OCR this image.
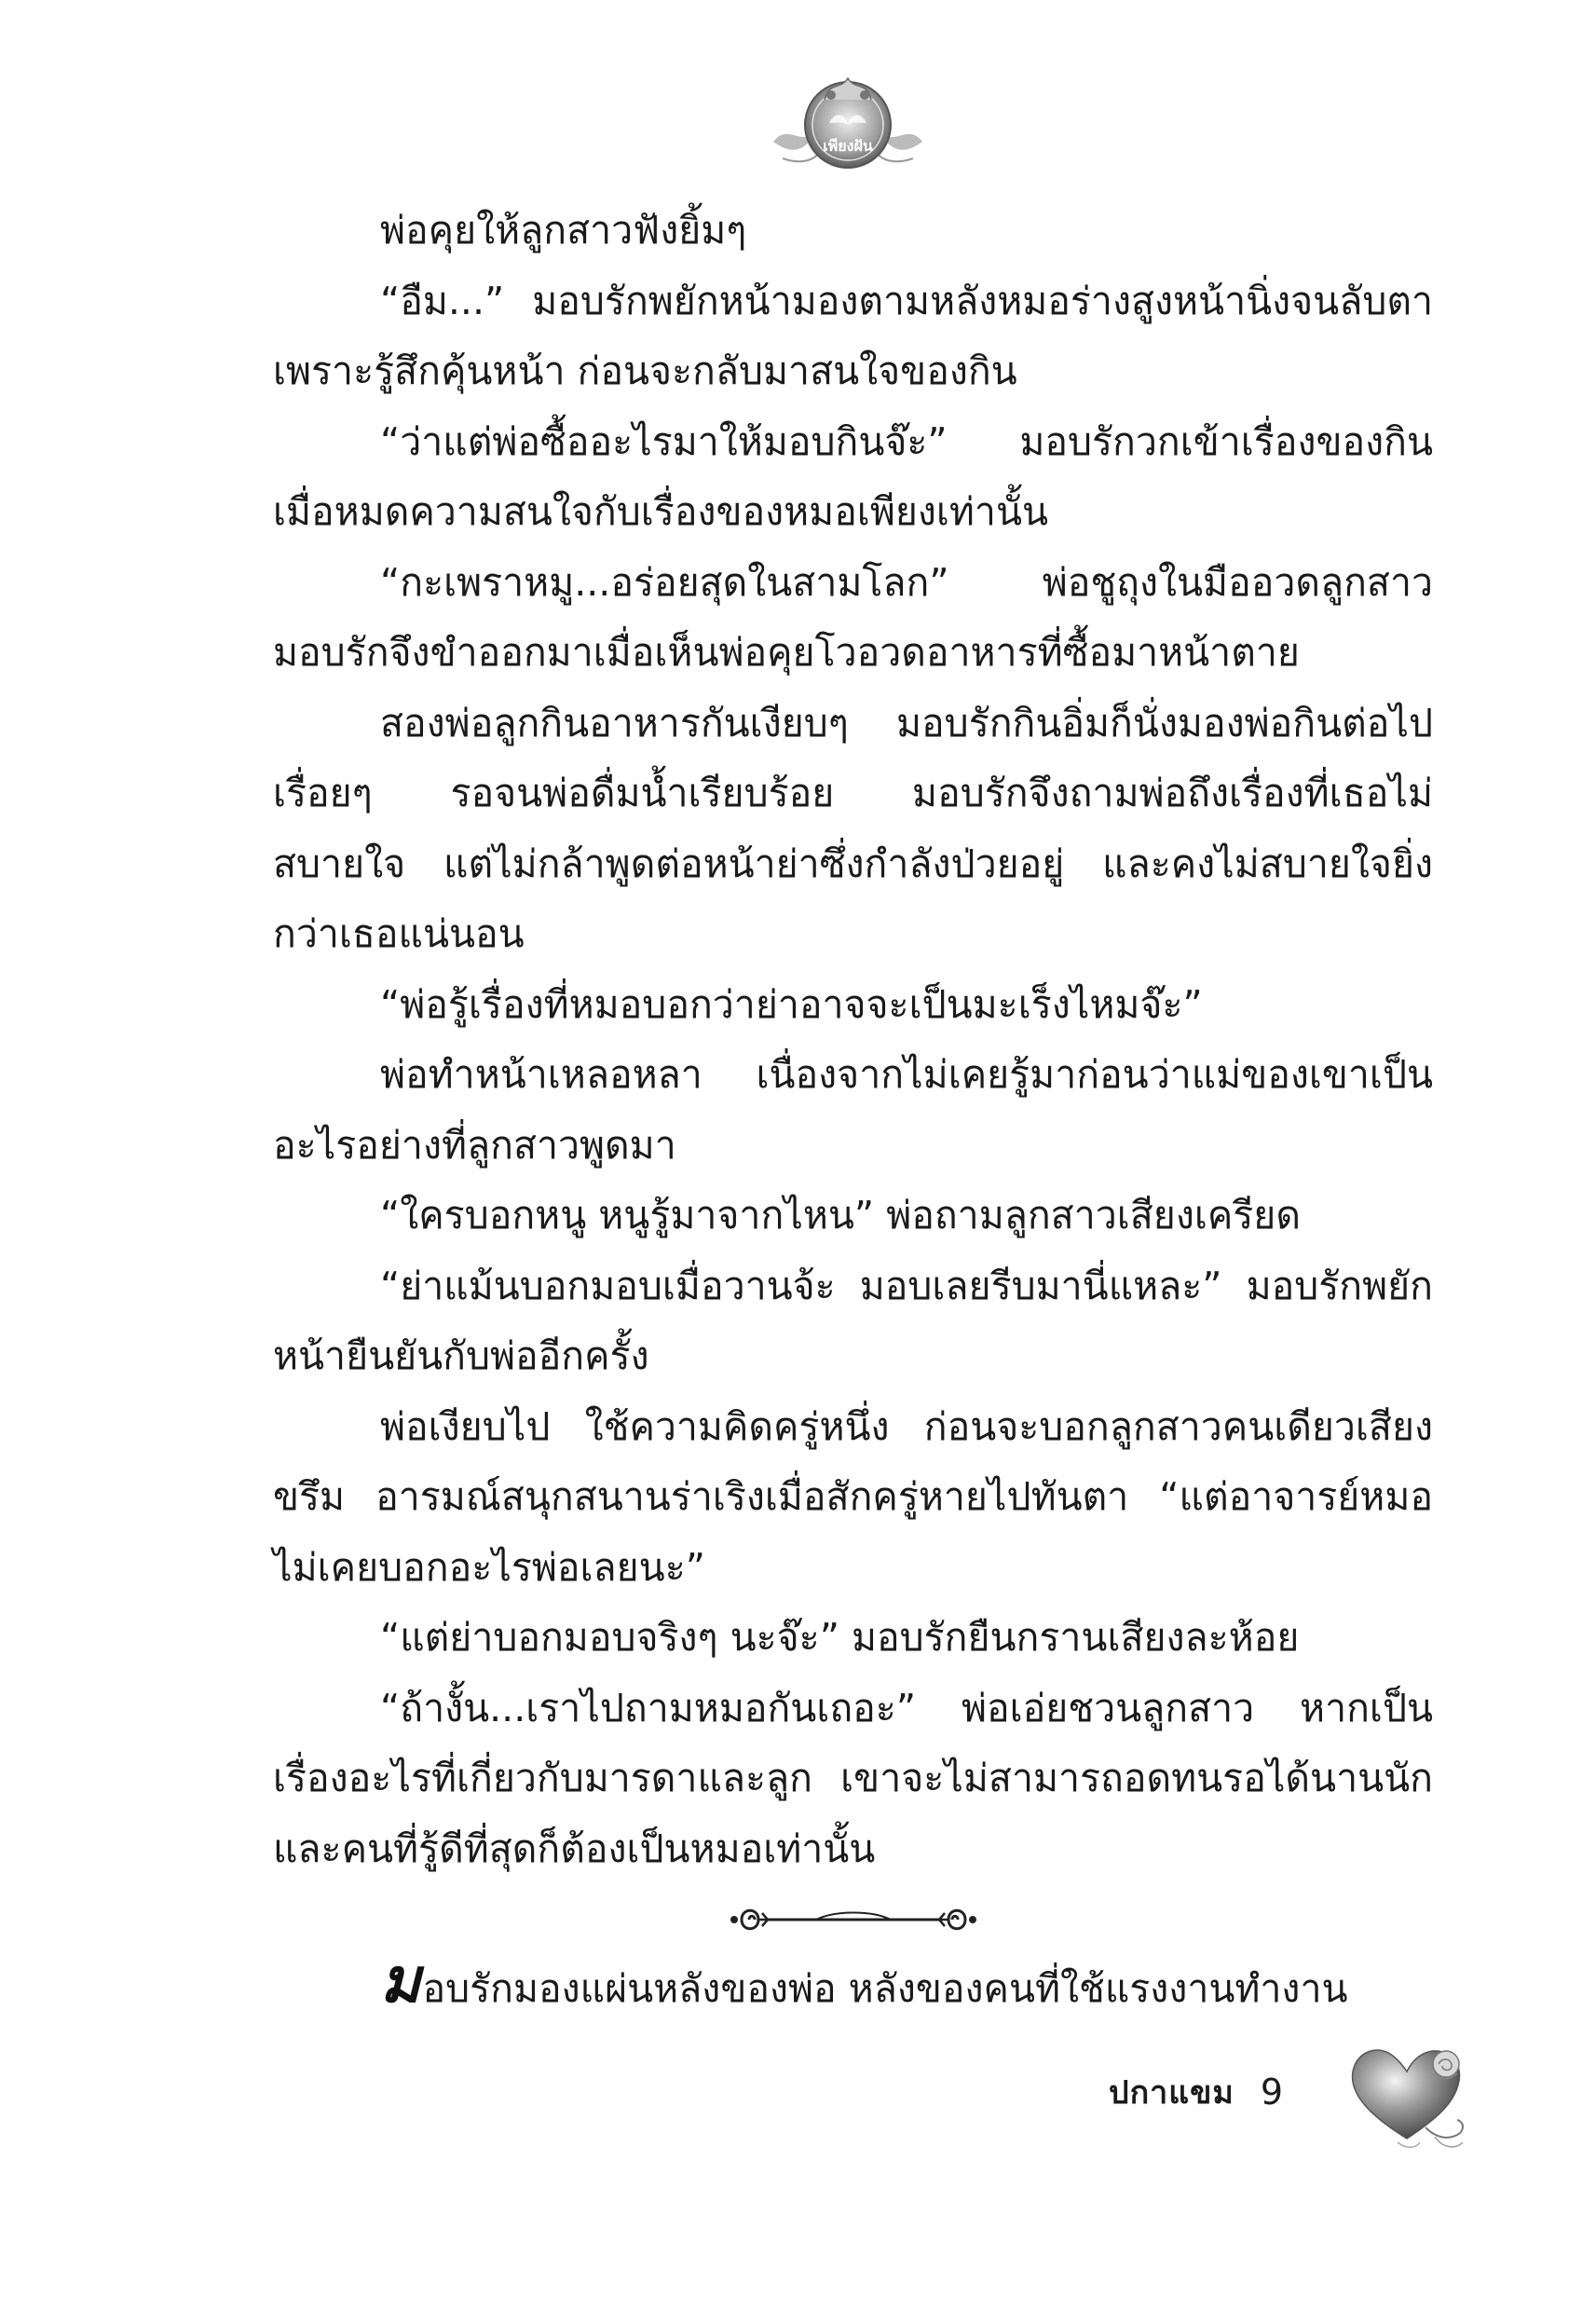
เพียงฝัน

พ่อคุยให้ลูกสาวฟังยิ้มๆ

“อืม...” มอบรักพยักหน้ามองตามหลังหมอร่างสูงหน้านิ่งจนลับตาเพราะรู้สึกคุ้นหน้า ก่อนจะกลับมาสนใจของกิน

“ว่าแต่พ่อซื้ออะไรมาให้มอบกินจ๊ะ” มอบรักวกเข้าเรื่องของกินเมื่อหมดความสนใจกับเรื่องของหมอเพียงเท่านั้น

“กะเพราหมู...อร่อยสุดในสามโลก” พ่อชูถุงในมืออวดลูกสาว มอบรักจึงขำออกมาเมื่อเห็นพ่อคุยโวอวดอาหารที่ซื้อมาหน้าตาย

สองพ่อลูกกินอาหารกันเงียบๆ มอบรักกินอิ่มก็นั่งมองพ่อกินต่อไปเรื่อยๆ รอจนพ่อดื่มน้ำเรียบร้อย มอบรักจึงถามพ่อถึงเรื่องที่เธอไม่สบายใจ แต่ไม่กล้าพูดต่อหน้าย่าซึ่งกำลังป่วยอยู่ และคงไม่สบายใจยิ่งกว่าเธอแน่นอน

“พ่อรู้เรื่องที่หมอบอกว่าย่าอาจจะเป็นมะเร็งไหมจ๊ะ”

พ่อทำหน้าเหลอหลา เนื่องจากไม่เคยรู้มาก่อนว่าแม่ของเขาเป็นอะไรอย่างที่ลูกสาวพูดมา

“ใครบอกหนู หนูรู้มาจากไหน” พ่อถามลูกสาวเสียงเครียด

“ย่าแม้นบอกมอบเมื่อวานจ้ะ มอบเลยรีบมานี่แหละ” มอบรักพยักหน้ายืนยันกับพ่ออีกครั้ง

พ่อเงียบไป ใช้ความคิดครู่หนึ่ง ก่อนจะบอกลูกสาวคนเดียวเสียงขรึม อารมณ์สนุกสนานร่าเริงเมื่อสักครู่หายไปทันตา “แต่อาจารย์หมอไม่เคยบอกอะไรพ่อเลยนะ”

“แต่ย่าบอกมอบจริงๆ นะจ๊ะ” มอบรักยืนกรานเสียงละห้อย

“ถ้างั้น...เราไปถามหมอกันเถอะ” พ่อเอ่ยชวนลูกสาว หากเป็นเรื่องอะไรที่เกี่ยวกับมารดาและลูก เขาจะไม่สามารถอดทนรอได้นานนัก และคนที่รู้ดีที่สุดก็ต้องเป็นหมอเท่านั้น

มอบรักมองแผ่นหลังของพ่อ หลังของคนที่ใช้แรงงานทำงาน

ปกาแขม 9
